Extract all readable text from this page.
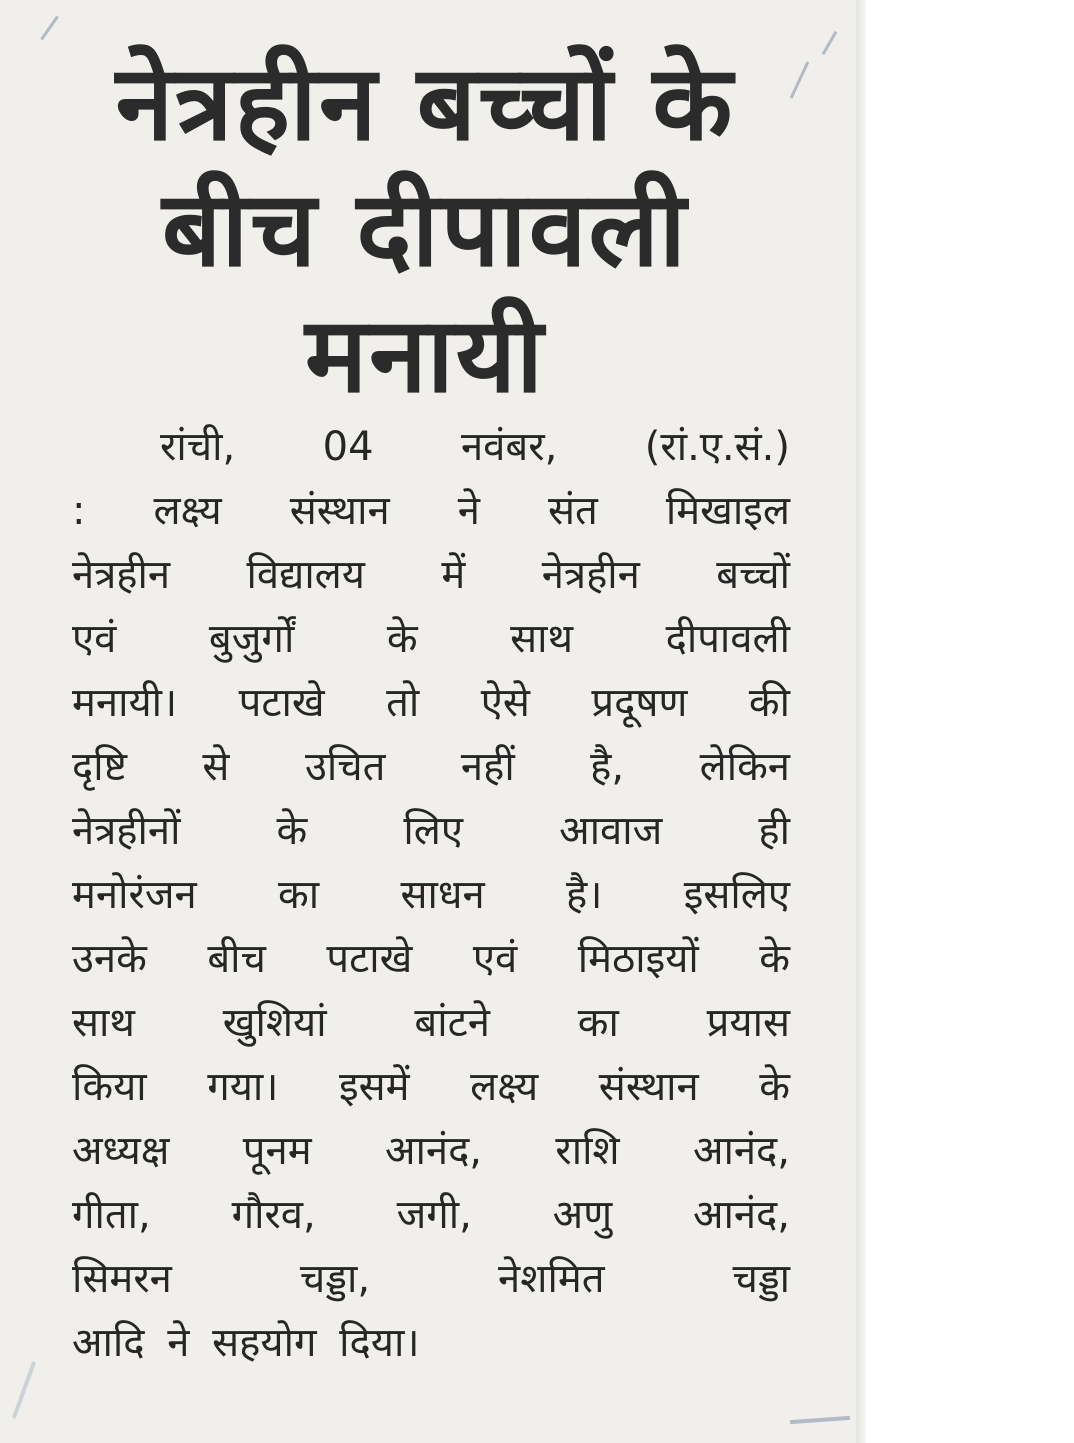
नेत्रहीन बच्चों के बीच दीपावली मनायी
रांची, 04 नवंबर, (रां.ए.सं.)
: लक्ष्य संस्थान ने संत मिखाइल
नेत्रहीन विद्यालय में नेत्रहीन बच्चों
एवं बुजुर्गों के साथ दीपावली
मनायी। पटाखे तो ऐसे प्रदूषण की
दृष्टि से उचित नहीं है, लेकिन
नेत्रहीनों के लिए आवाज ही
मनोरंजन का साधन है। इसलिए
उनके बीच पटाखे एवं मिठाइयों के
साथ खुशियां बांटने का प्रयास
किया गया। इसमें लक्ष्य संस्थान के
अध्यक्ष पूनम आनंद, राशि आनंद,
गीता, गौरव, जगी, अणु आनंद,
सिमरन चड्डा, नेशमित चड्डा
आदि ने सहयोग दिया।
